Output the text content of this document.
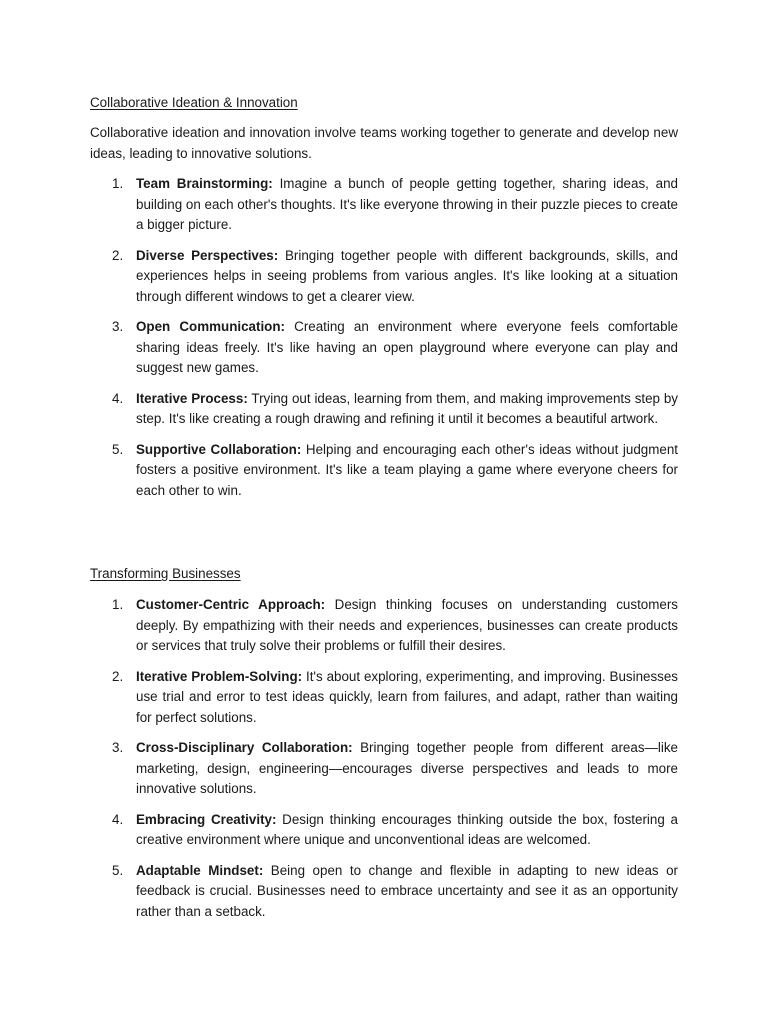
Collaborative Ideation & Innovation

Collaborative ideation and innovation involve teams working together to generate and develop new ideas, leading to innovative solutions.

1. Team Brainstorming: Imagine a bunch of people getting together, sharing ideas, and building on each other's thoughts. It's like everyone throwing in their puzzle pieces to create a bigger picture.
2. Diverse Perspectives: Bringing together people with different backgrounds, skills, and experiences helps in seeing problems from various angles. It's like looking at a situation through different windows to get a clearer view.
3. Open Communication: Creating an environment where everyone feels comfortable sharing ideas freely. It's like having an open playground where everyone can play and suggest new games.
4. Iterative Process: Trying out ideas, learning from them, and making improvements step by step. It's like creating a rough drawing and refining it until it becomes a beautiful artwork.
5. Supportive Collaboration: Helping and encouraging each other's ideas without judgment fosters a positive environment. It's like a team playing a game where everyone cheers for each other to win.
Transforming Businesses
1. Customer-Centric Approach: Design thinking focuses on understanding customers deeply. By empathizing with their needs and experiences, businesses can create products or services that truly solve their problems or fulfill their desires.
2. Iterative Problem-Solving: It's about exploring, experimenting, and improving. Businesses use trial and error to test ideas quickly, learn from failures, and adapt, rather than waiting for perfect solutions.
3. Cross-Disciplinary Collaboration: Bringing together people from different areas—like marketing, design, engineering—encourages diverse perspectives and leads to more innovative solutions.
4. Embracing Creativity: Design thinking encourages thinking outside the box, fostering a creative environment where unique and unconventional ideas are welcomed.
5. Adaptable Mindset: Being open to change and flexible in adapting to new ideas or feedback is crucial. Businesses need to embrace uncertainty and see it as an opportunity rather than a setback.
